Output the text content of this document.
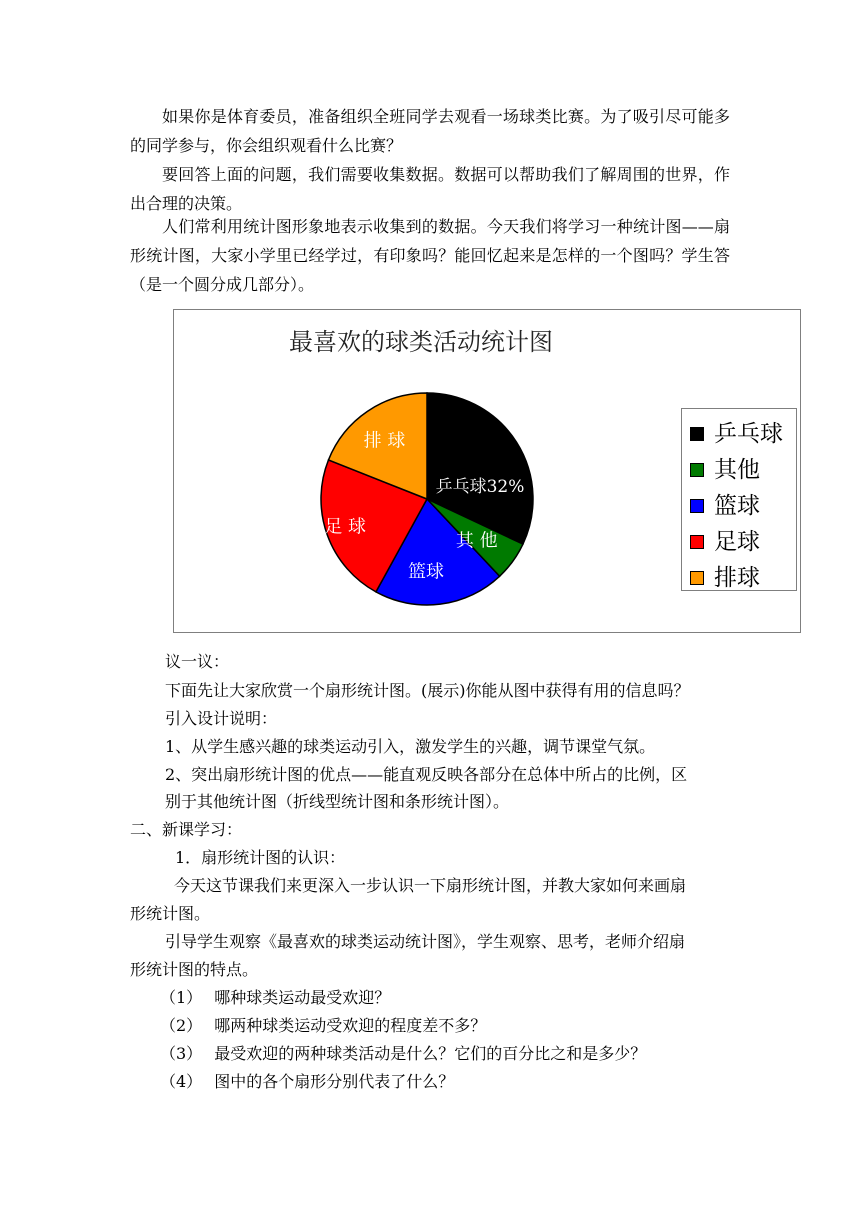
如果你是体育委员，准备组织全班同学去观看一场球类比赛。为了吸引尽可能多的同学参与，你会组织观看什么比赛？

要回答上面的问题，我们需要收集数据。数据可以帮助我们了解周围的世界，作出合理的决策。

人们常利用统计图形象地表示收集到的数据。今天我们将学习一种统计图——扇形统计图，大家小学里已经学过，有印象吗？能回忆起来是怎样的一个图吗？学生答（是一个圆分成几部分）。

最喜欢的球类活动统计图
乒乓球32%
其 他
篮球
足 球
排 球	乒乓球
其他
篮球
足球
排球

议一议：

下面先让大家欣赏一个扇形统计图。(展示)你能从图中获得有用的信息吗？

引入设计说明：

1、从学生感兴趣的球类运动引入，激发学生的兴趣，调节课堂气氛。

2、突出扇形统计图的优点——能直观反映各部分在总体中所占的比例，区

别于其他统计图（折线型统计图和条形统计图）。

二、新课学习：

1．扇形统计图的认识：

今天这节课我们来更深入一步认识一下扇形统计图，并教大家如何来画扇

形统计图。

引导学生观察《最喜欢的球类运动统计图》，学生观察、思考，老师介绍扇

形统计图的特点。

（1） 哪种球类运动最受欢迎？

（2） 哪两种球类运动受欢迎的程度差不多？

（3） 最受欢迎的两种球类活动是什么？它们的百分比之和是多少？

（4） 图中的各个扇形分别代表了什么？
